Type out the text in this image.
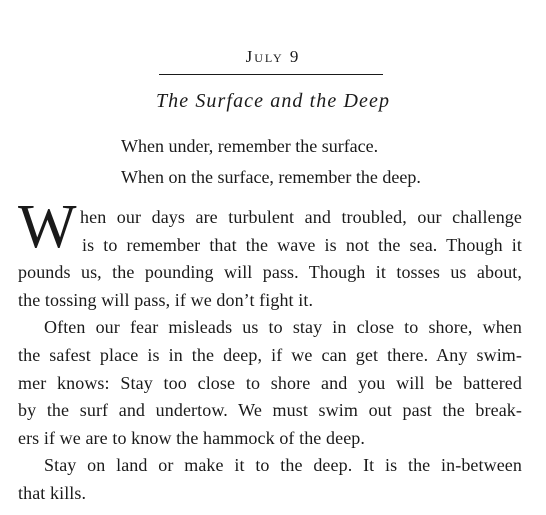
July 9
The Surface and the Deep
When under, remember the surface.
When on the surface, remember the deep.
W hen our days are turbulent and troubled, our challenge
is to remember that the wave is not the sea. Though it
pounds us, the pounding will pass. Though it tosses us about,
the tossing will pass, if we don’t fight it.
Often our fear misleads us to stay in close to shore, when
the safest place is in the deep, if we can get there. Any swim-
mer knows: Stay too close to shore and you will be battered
by the surf and undertow. We must swim out past the break-
ers if we are to know the hammock of the deep.
Stay on land or make it to the deep. It is the in-between
that kills.
